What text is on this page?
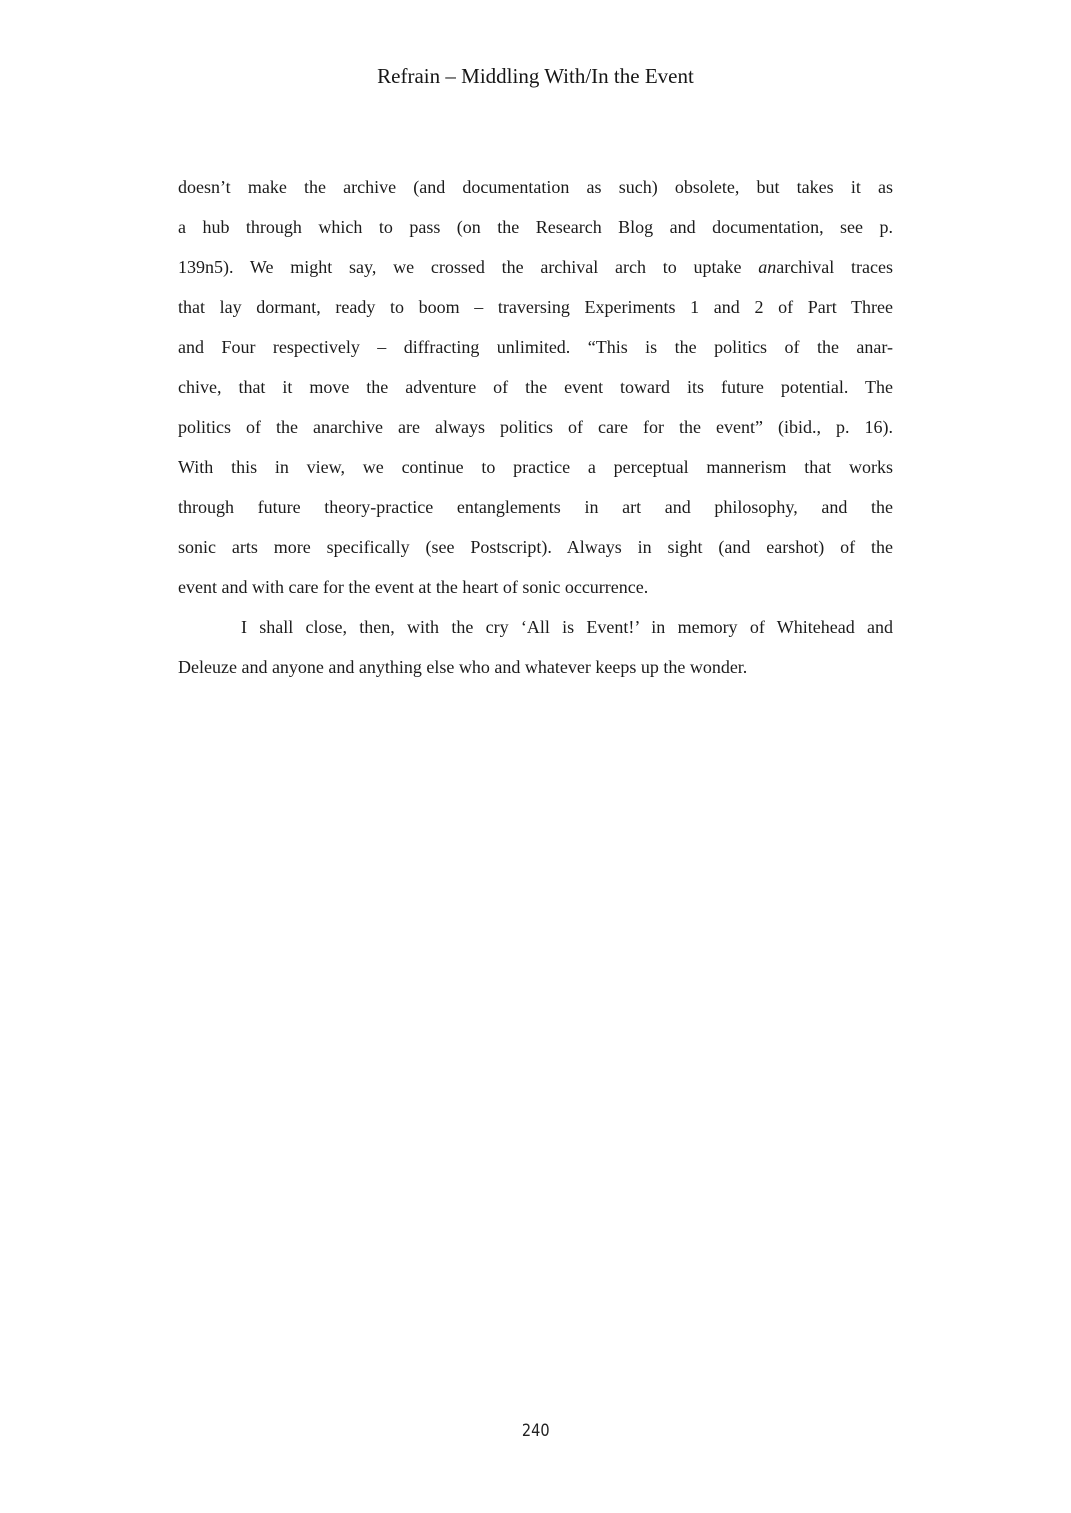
Refrain – Middling With/In the Event
doesn’t make the archive (and documentation as such) obsolete, but takes it as
a hub through which to pass (on the Research Blog and documentation, see p.
139n5). We might say, we crossed the archival arch to uptake anarchival traces
that lay dormant, ready to boom – traversing Experiments 1 and 2 of Part Three
and Four respectively – diffracting unlimited. “This is the politics of the anar-
chive, that it move the adventure of the event toward its future potential. The
politics of the anarchive are always politics of care for the event” (ibid., p. 16).
With this in view, we continue to practice a perceptual mannerism that works
through future theory-practice entanglements in art and philosophy, and the
sonic arts more specifically (see Postscript). Always in sight (and earshot) of the
event and with care for the event at the heart of sonic occurrence.
I shall close, then, with the cry ‘All is Event!’ in memory of Whitehead and
Deleuze and anyone and anything else who and whatever keeps up the wonder.
240
